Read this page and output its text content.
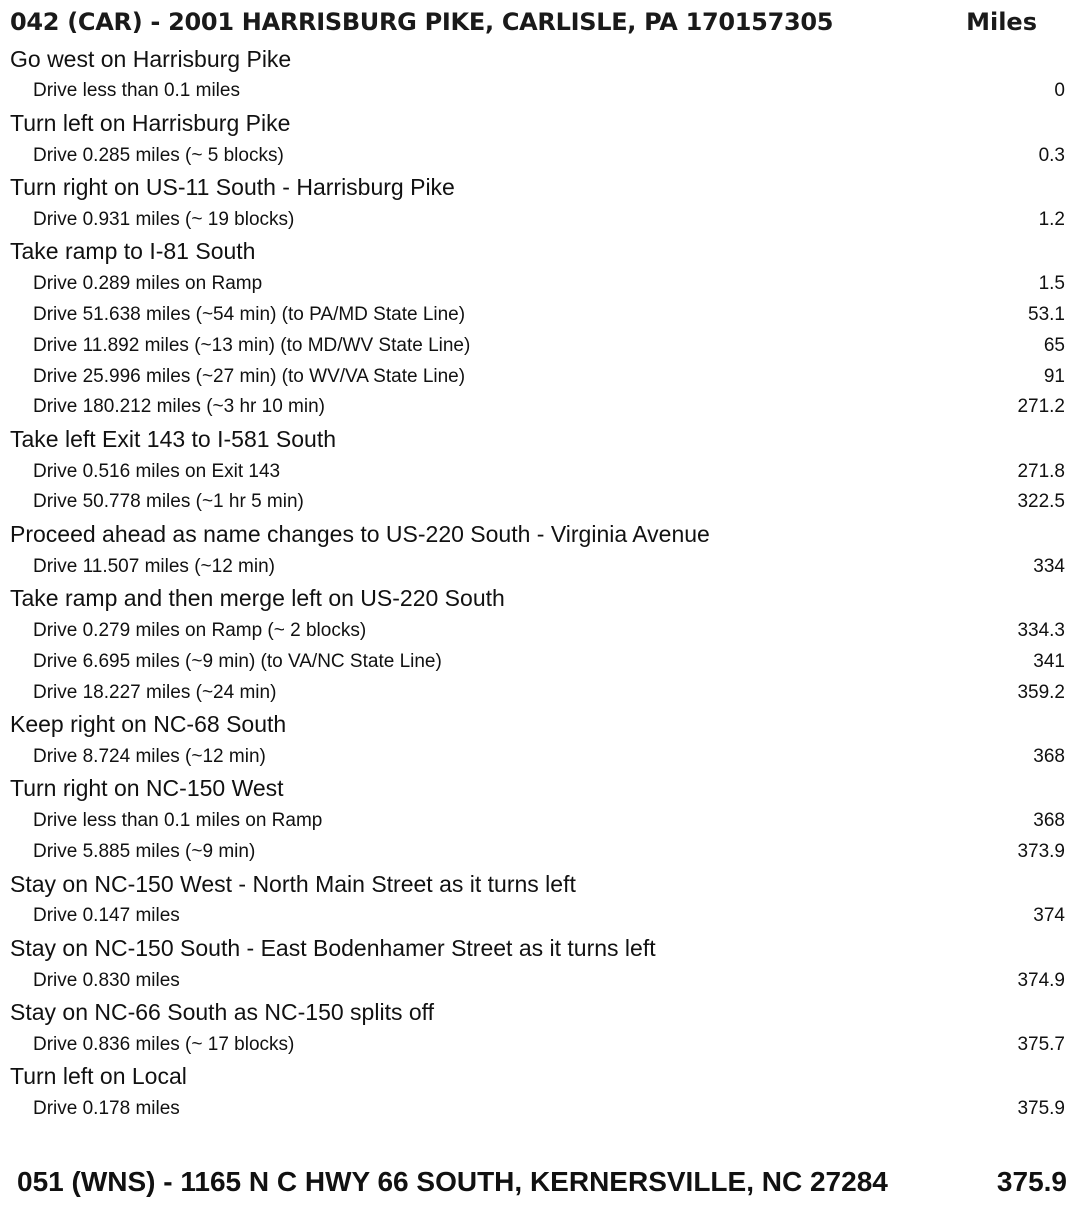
042 (CAR) - 2001 HARRISBURG PIKE, CARLISLE, PA 170157305	Miles
Go west on Harrisburg Pike
Drive less than 0.1 miles	0
Turn left on Harrisburg Pike
Drive 0.285 miles (~ 5 blocks)	0.3
Turn right on US-11 South - Harrisburg Pike
Drive 0.931 miles (~ 19 blocks)	1.2
Take ramp to I-81 South
Drive 0.289 miles on Ramp	1.5
Drive 51.638 miles (~54 min) (to PA/MD State Line)	53.1
Drive 11.892 miles (~13 min) (to MD/WV State Line)	65
Drive 25.996 miles (~27 min) (to WV/VA State Line)	91
Drive 180.212 miles (~3 hr 10 min)	271.2
Take left Exit 143 to I-581 South
Drive 0.516 miles on Exit 143	271.8
Drive 50.778 miles (~1 hr 5 min)	322.5
Proceed ahead as name changes to US-220 South - Virginia Avenue
Drive 11.507 miles (~12 min)	334
Take ramp and then merge left on US-220 South
Drive 0.279 miles on Ramp (~ 2 blocks)	334.3
Drive 6.695 miles (~9 min) (to VA/NC State Line)	341
Drive 18.227 miles (~24 min)	359.2
Keep right on NC-68 South
Drive 8.724 miles (~12 min)	368
Turn right on NC-150 West
Drive less than 0.1 miles on Ramp	368
Drive 5.885 miles (~9 min)	373.9
Stay on NC-150 West - North Main Street as it turns left
Drive 0.147 miles	374
Stay on NC-150 South - East Bodenhamer Street as it turns left
Drive 0.830 miles	374.9
Stay on NC-66 South as NC-150 splits off
Drive 0.836 miles (~ 17 blocks)	375.7
Turn left on Local
Drive 0.178 miles	375.9
051 (WNS) - 1165 N C HWY 66 SOUTH, KERNERSVILLE, NC 27284	375.9
